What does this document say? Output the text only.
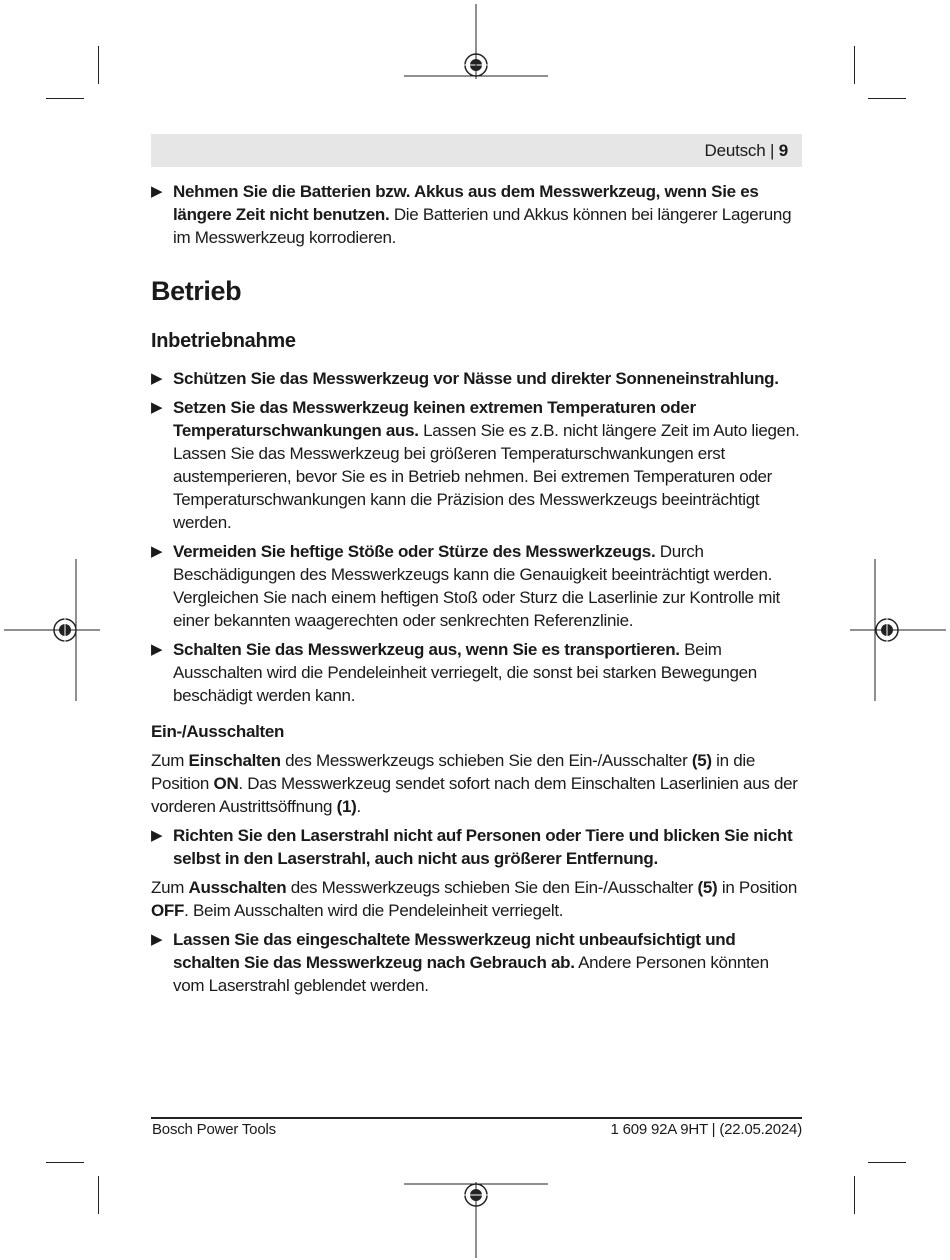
Deutsch | 9
▶ Nehmen Sie die Batterien bzw. Akkus aus dem Messwerkzeug, wenn Sie es längere Zeit nicht benutzen. Die Batterien und Akkus können bei längerer Lagerung im Messwerkzeug korrodieren.
Betrieb
Inbetriebnahme
▶ Schützen Sie das Messwerkzeug vor Nässe und direkter Sonneneinstrahlung.
▶ Setzen Sie das Messwerkzeug keinen extremen Temperaturen oder Temperaturschwankungen aus. Lassen Sie es z.B. nicht längere Zeit im Auto liegen. Lassen Sie das Messwerkzeug bei größeren Temperaturschwankungen erst austemperieren, bevor Sie es in Betrieb nehmen. Bei extremen Temperaturen oder Temperaturschwankungen kann die Präzision des Messwerkzeugs beeinträchtigt werden.
▶ Vermeiden Sie heftige Stöße oder Stürze des Messwerkzeugs. Durch Beschädigungen des Messwerkzeugs kann die Genauigkeit beeinträchtigt werden. Vergleichen Sie nach einem heftigen Stoß oder Sturz die Laserlinie zur Kontrolle mit einer bekannten waagerechten oder senkrechten Referenzlinie.
▶ Schalten Sie das Messwerkzeug aus, wenn Sie es transportieren. Beim Ausschalten wird die Pendeleinheit verriegelt, die sonst bei starken Bewegungen beschädigt werden kann.
Ein-/Ausschalten

Zum Einschalten des Messwerkzeugs schieben Sie den Ein-/Ausschalter (5) in die Position ON. Das Messwerkzeug sendet sofort nach dem Einschalten Laserlinien aus der vorderen Austrittsöffnung (1).

▶ Richten Sie den Laserstrahl nicht auf Personen oder Tiere und blicken Sie nicht selbst in den Laserstrahl, auch nicht aus größerer Entfernung.

Zum Ausschalten des Messwerkzeugs schieben Sie den Ein-/Ausschalter (5) in Position OFF. Beim Ausschalten wird die Pendeleinheit verriegelt.

▶ Lassen Sie das eingeschaltete Messwerkzeug nicht unbeaufsichtigt und schalten Sie das Messwerkzeug nach Gebrauch ab. Andere Personen könnten vom Laserstrahl geblendet werden.
Bosch Power Tools	1 609 92A 9HT | (22.05.2024)
